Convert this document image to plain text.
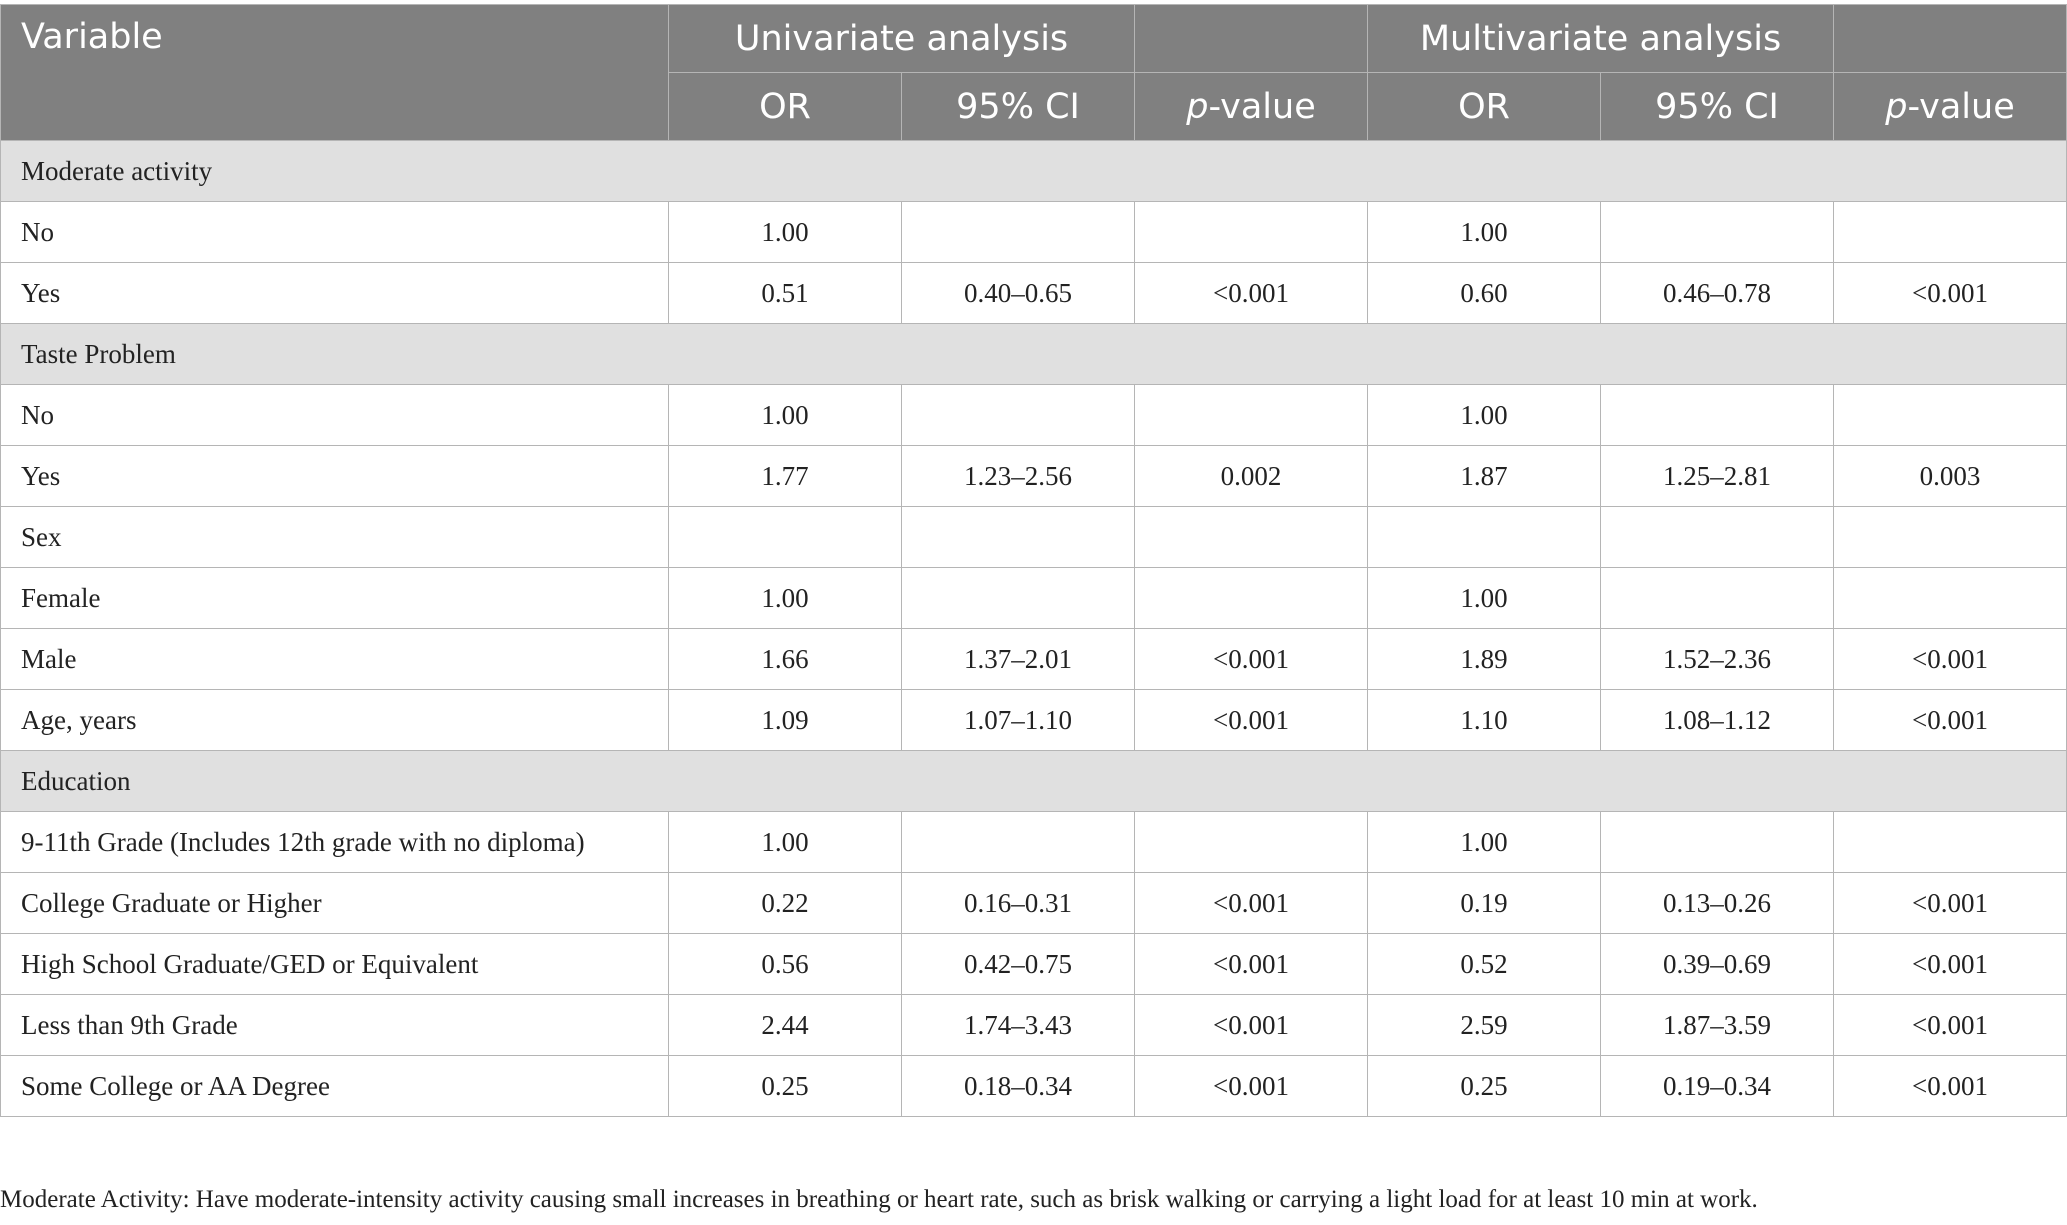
Variable	Univariate analysis			Multivariate analysis		
	OR	95% CI	p-value	OR	95% CI	p-value
Moderate activity						
No	1.00			1.00		
Yes	0.51	0.40–0.65	<0.001	0.60	0.46–0.78	<0.001
Taste Problem						
No	1.00			1.00		
Yes	1.77	1.23–2.56	0.002	1.87	1.25–2.81	0.003
Sex						
Female	1.00			1.00		
Male	1.66	1.37–2.01	<0.001	1.89	1.52–2.36	<0.001
Age, years	1.09	1.07–1.10	<0.001	1.10	1.08–1.12	<0.001
Education						
9-11th Grade (Includes 12th grade with no diploma)	1.00			1.00		
College Graduate or Higher	0.22	0.16–0.31	<0.001	0.19	0.13–0.26	<0.001
High School Graduate/GED or Equivalent	0.56	0.42–0.75	<0.001	0.52	0.39–0.69	<0.001
Less than 9th Grade	2.44	1.74–3.43	<0.001	2.59	1.87–3.59	<0.001
Some College or AA Degree	0.25	0.18–0.34	<0.001	0.25	0.19–0.34	<0.001
Moderate Activity: Have moderate-intensity activity causing small increases in breathing or heart rate, such as brisk walking or carrying a light load for at least 10 min at work.
